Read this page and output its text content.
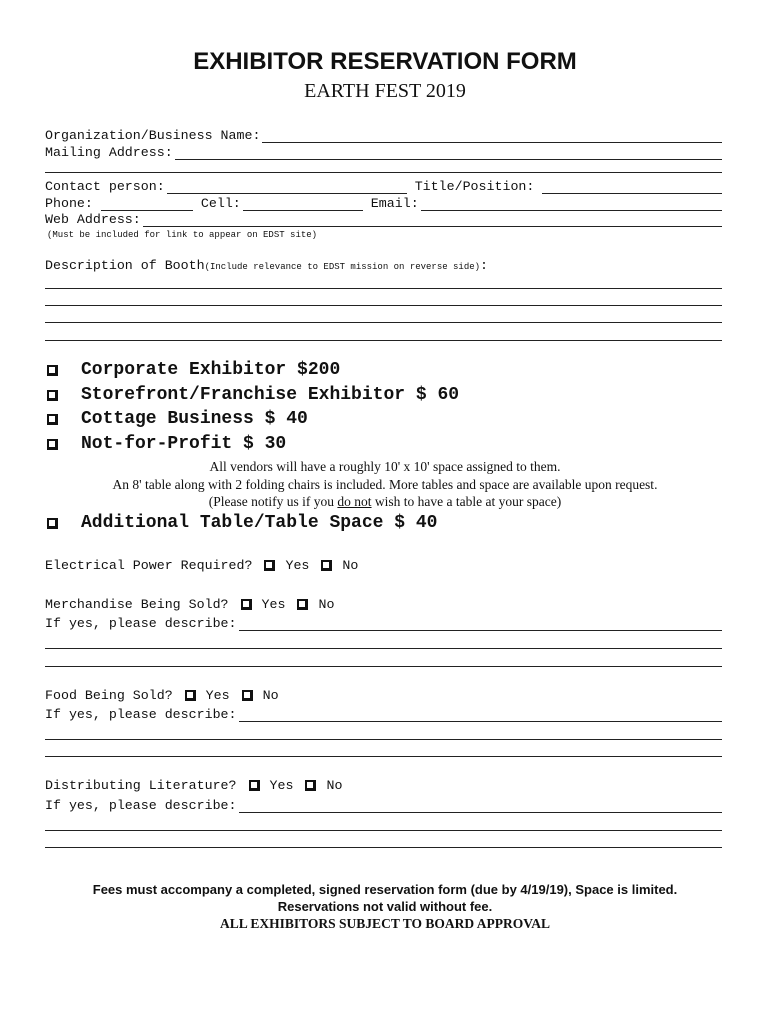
EXHIBITOR RESERVATION FORM
EARTH FEST 2019
Organization/Business Name:
Mailing Address:
Contact person:	Title/Position:
Phone:	Cell:	Email:
Web Address:
(Must be included for link to appear on EDST site)
Description of Booth(Include relevance to EDST mission on reverse side):
Corporate Exhibitor $200
Storefront/Franchise Exhibitor $ 60
Cottage Business $ 40
Not-for-Profit $ 30
All vendors will have a roughly 10' x 10' space assigned to them.
An 8' table along with 2 folding chairs is included. More tables and space are available upon request.
(Please notify us if you do not wish to have a table at your space)
Additional Table/Table Space $ 40
Electrical Power Required? Yes No
Merchandise Being Sold? Yes No
If yes, please describe:
Food Being Sold? Yes No
If yes, please describe:
Distributing Literature? Yes No
If yes, please describe:
Fees must accompany a completed, signed reservation form (due by 4/19/19), Space is limited.
Reservations not valid without fee.
ALL EXHIBITORS SUBJECT TO BOARD APPROVAL
